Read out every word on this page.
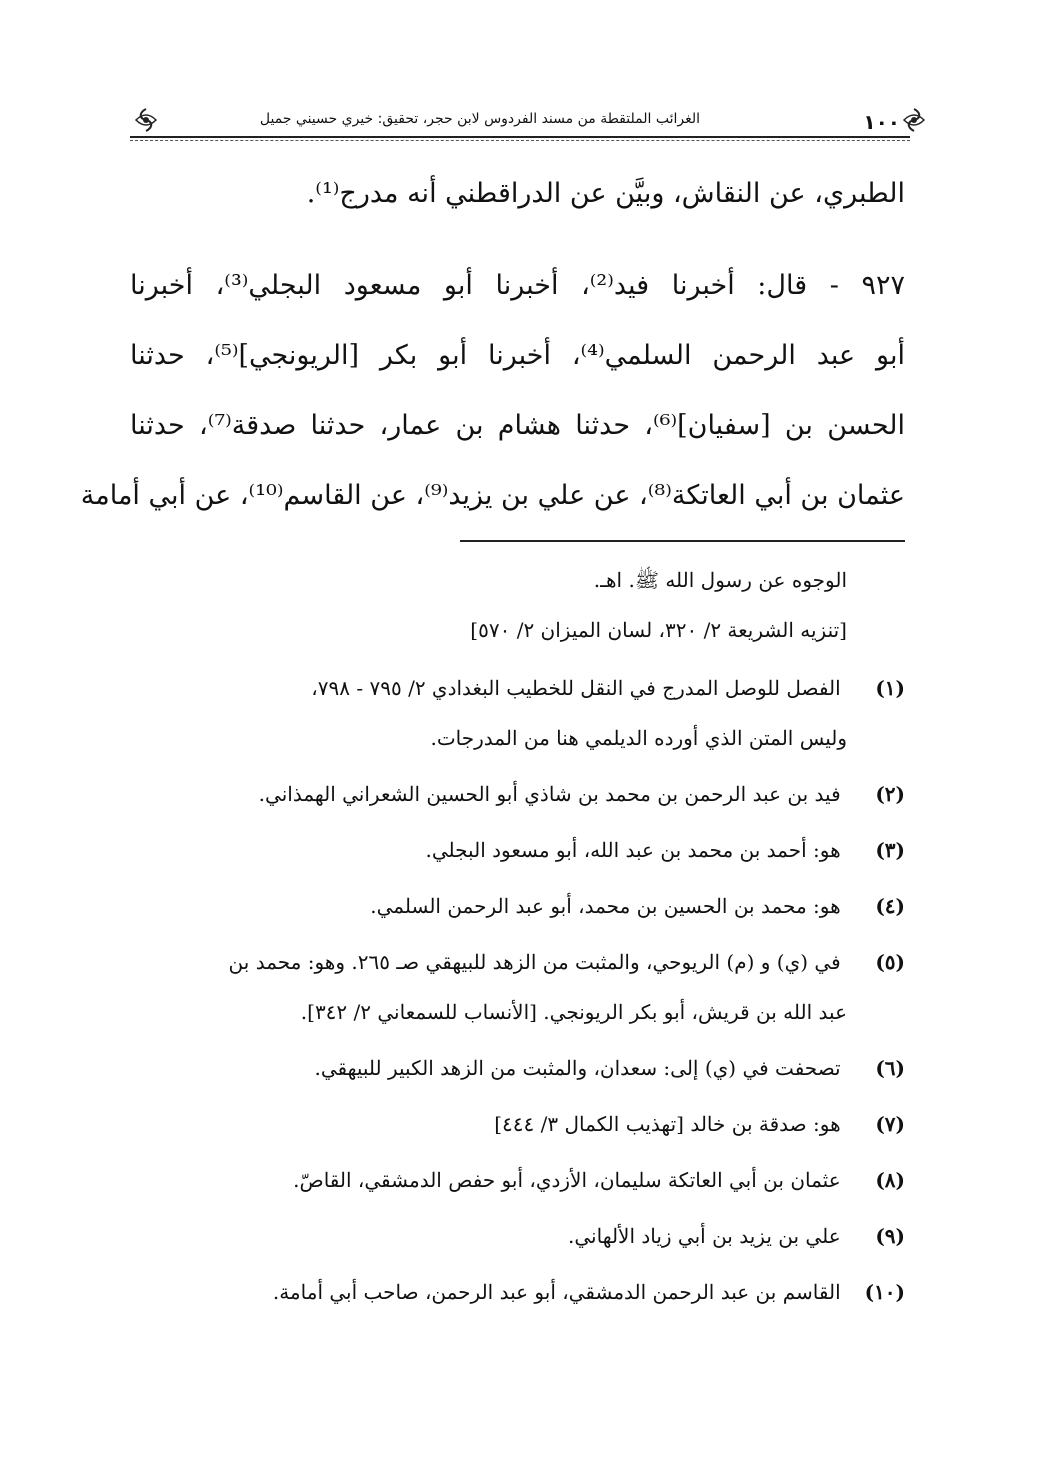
١٠٠
الغرائب الملتقطة من مسند الفردوس لابن حجر، تحقيق: خيري حسيني جميل
الطبري، عن النقاش، وبيَّن عن الدراقطني أنه مدرج⁽¹⁾.
٩٢٧ - قال: أخبرنا فيد⁽²⁾، أخبرنا أبو مسعود البجلي⁽³⁾، أخبرنا
أبو عبد الرحمن السلمي⁽⁴⁾، أخبرنا أبو بكر [الريونجي]⁽⁵⁾، حدثنا
الحسن بن [سفيان]⁽⁶⁾، حدثنا هشام بن عمار، حدثنا صدقة⁽⁷⁾، حدثنا
عثمان بن أبي العاتكة⁽⁸⁾، عن علي بن يزيد⁽⁹⁾، عن القاسم⁽¹⁰⁾، عن أبي أمامة
الوجوه عن رسول الله ﷺ. اهـ.
[تنزيه الشريعة ٢/ ٣٢٠، لسان الميزان ٢/ ٥٧٠]
(١) الفصل للوصل المدرج في النقل للخطيب البغدادي ٢/ ٧٩٥ - ٧٩٨،
وليس المتن الذي أورده الديلمي هنا من المدرجات.
(٢) فيد بن عبد الرحمن بن محمد بن شاذي أبو الحسين الشعراني الهمذاني.
(٣) هو: أحمد بن محمد بن عبد الله، أبو مسعود البجلي.
(٤) هو: محمد بن الحسين بن محمد، أبو عبد الرحمن السلمي.
(٥) في (ي) و (م) الريوحي، والمثبت من الزهد للبيهقي صـ ٢٦٥. وهو: محمد بن
عبد الله بن قريش، أبو بكر الريونجي. [الأنساب للسمعاني ٢/ ٣٤٢].
(٦) تصحفت في (ي) إلى: سعدان، والمثبت من الزهد الكبير للبيهقي.
(٧) هو: صدقة بن خالد [تهذيب الكمال ٣/ ٤٤٤]
(٨) عثمان بن أبي العاتكة سليمان، الأزدي، أبو حفص الدمشقي، القاصّ.
(٩) علي بن يزيد بن أبي زياد الألهاني.
(١٠) القاسم بن عبد الرحمن الدمشقي، أبو عبد الرحمن، صاحب أبي أمامة.
